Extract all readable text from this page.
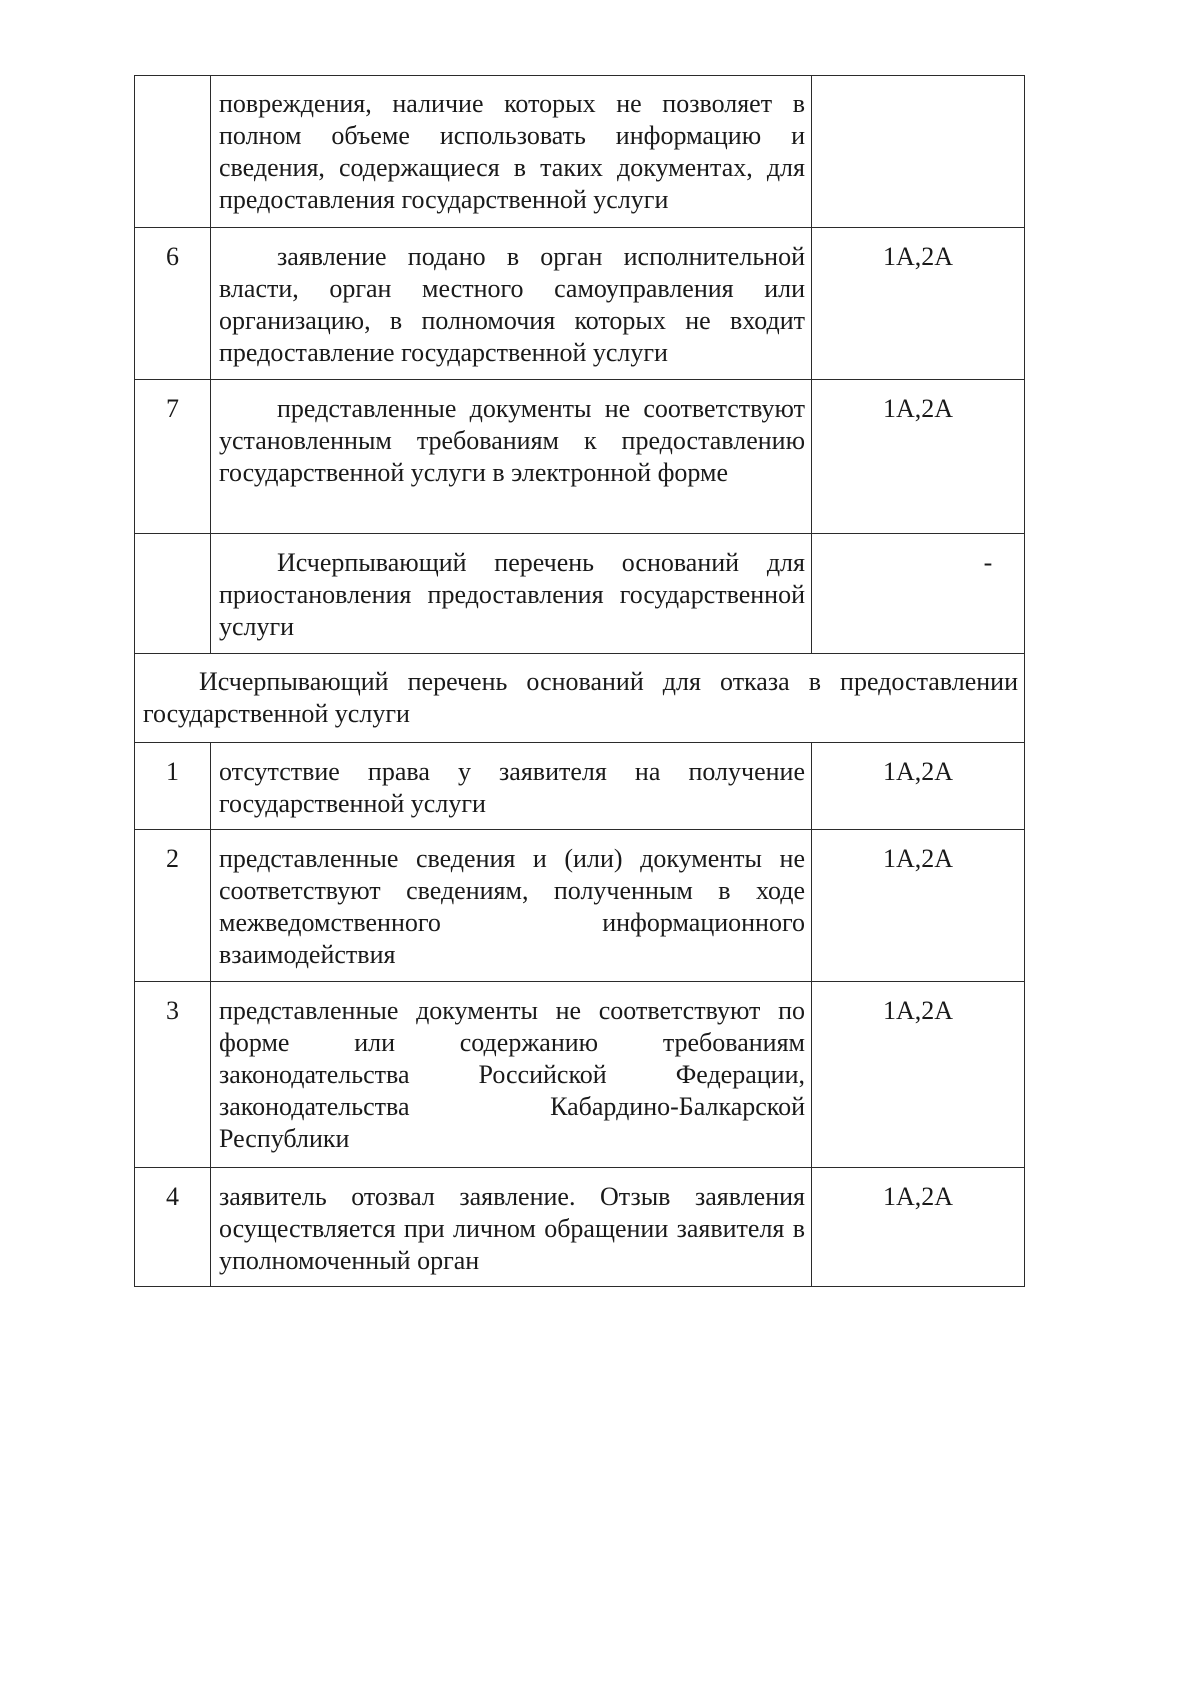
	повреждения, наличие которых не позволяет в полном объеме использовать информацию и сведения, содержащиеся в таких документах, для предоставления государственной услуги	
6	заявление подано в орган исполнительной власти, орган местного самоуправления или организацию, в полномочия которых не входит предоставление государственной услуги	1А,2А
7	представленные документы не соответствуют установленным требованиям к предоставлению государственной услуги в электронной форме	1А,2А
	Исчерпывающий перечень оснований для приостановления предоставления государственной услуги	-
Исчерпывающий перечень оснований для отказа в предоставлении государственной услуги		
1	отсутствие права у заявителя на получение государственной услуги	1А,2А
2	представленные сведения и (или) документы не соответствуют сведениям, полученным в ходе межведомственного информационного взаимодействия	1А,2А
3	представленные документы не соответствуют по форме или содержанию требованиям законодательства Российской Федерации, законодательства Кабардино-Балкарской Республики	1А,2А
4	заявитель отозвал заявление. Отзыв заявления осуществляется при личном обращении заявителя в уполномоченный орган	1А,2А
